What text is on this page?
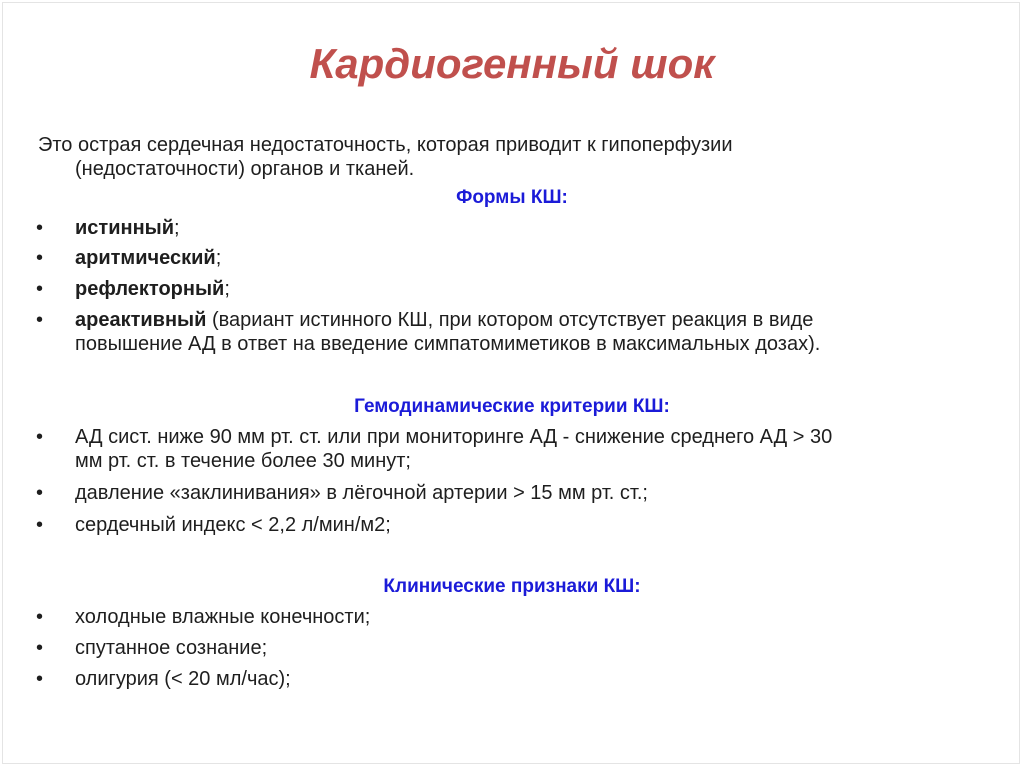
Кардиогенный шок
Это острая сердечная недостаточность, которая приводит к гипоперфузии
(недостаточности) органов и тканей.
Формы КШ:
• истинный;
• аритмический;
• рефлекторный;
• ареактивный (вариант истинного КШ, при котором отсутствует реакция в виде
повышение АД в ответ на введение симпатомиметиков в максимальных дозах).
Гемодинамические критерии КШ:
• АД сист. ниже 90 мм рт. ст. или при мониторинге АД - снижение среднего АД > 30
мм рт. ст. в течение более 30 минут;
• давление «заклинивания» в лёгочной артерии > 15 мм рт. ст.;
• сердечный индекс < 2,2 л/мин/м2;
Клинические признаки КШ:
• холодные влажные конечности;
• спутанное сознание;
• олигурия (< 20 мл/час);
